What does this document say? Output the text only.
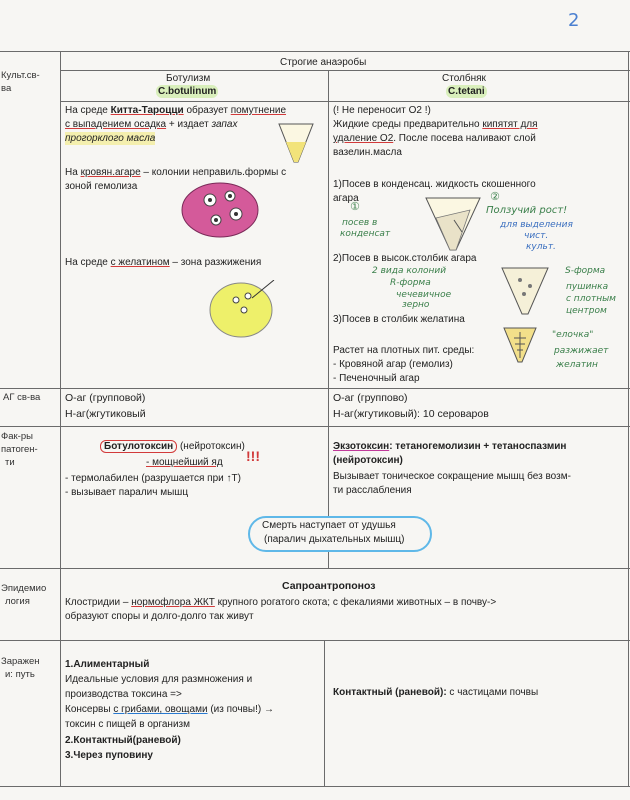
2
Культ.св-
ва
АГ св-ва
Фак-ры
патоген-
ти
Эпидемио
логия
Заражен
и: путь
Строгие анаэробы
Ботулизм
C.botulinum
Столбняк
C.tetani
На среде Китта-Тароцци образует помутнение
с выпадением осадка + издает запах
прогорклого масла
На кровян.агаре – колонии неправиль.формы с
зоной гемолиза
На среде с желатином – зона разжижения
(! Не переносит О2 !)
Жидкие среды предварительно кипятят для
удаление О2. После посева наливают слой
вазелин.масла
1)Посев в конденсац. жидкость скошенного
агара
2)Посев в высок.столбик агара
3)Посев в столбик желатина
Растет на плотных пит. среды:
- Кровяной агар (гемолиз)
- Печеночный агар
①
посев в
конденсат
②
Ползучий рост!
для выделения
чист.
культ.
2 вида колоний
R-форма
чечевичное
зерно
S-форма
пушинка
с плотным
центром
"елочка"
разжижает
желатин
О-аг (групповой)
Н-аг(жгутиковый
О-аг (группово)
Н-аг(жгутиковый): 10 сероваров
Ботулотоксин (нейротоксин)
- мощнейший яд !!!
- термолабилен (разрушается при ↑Т)
- вызывает паралич мышц
Экзотоксин: тетаногемолизин + тетаноспазмин
(нейротоксин)
Вызывает тоническое сокращение мышц без возм-
ти расслабления
Смерть наступает от удушья
(паралич дыхательных мышц)
Сапроантропоноз
Клостридии – нормофлора ЖКТ крупного рогатого скота; с фекалиями животных – в почву->
образуют споры и долго-долго так живут
1.Алиментарный
Идеальные условия для размножения и
производства токсина =>
Консервы с грибами, овощами (из почвы!) →
токсин с пищей в организм
2.Контактный(раневой)
3.Через пуповину
Контактный (раневой): с частицами почвы
